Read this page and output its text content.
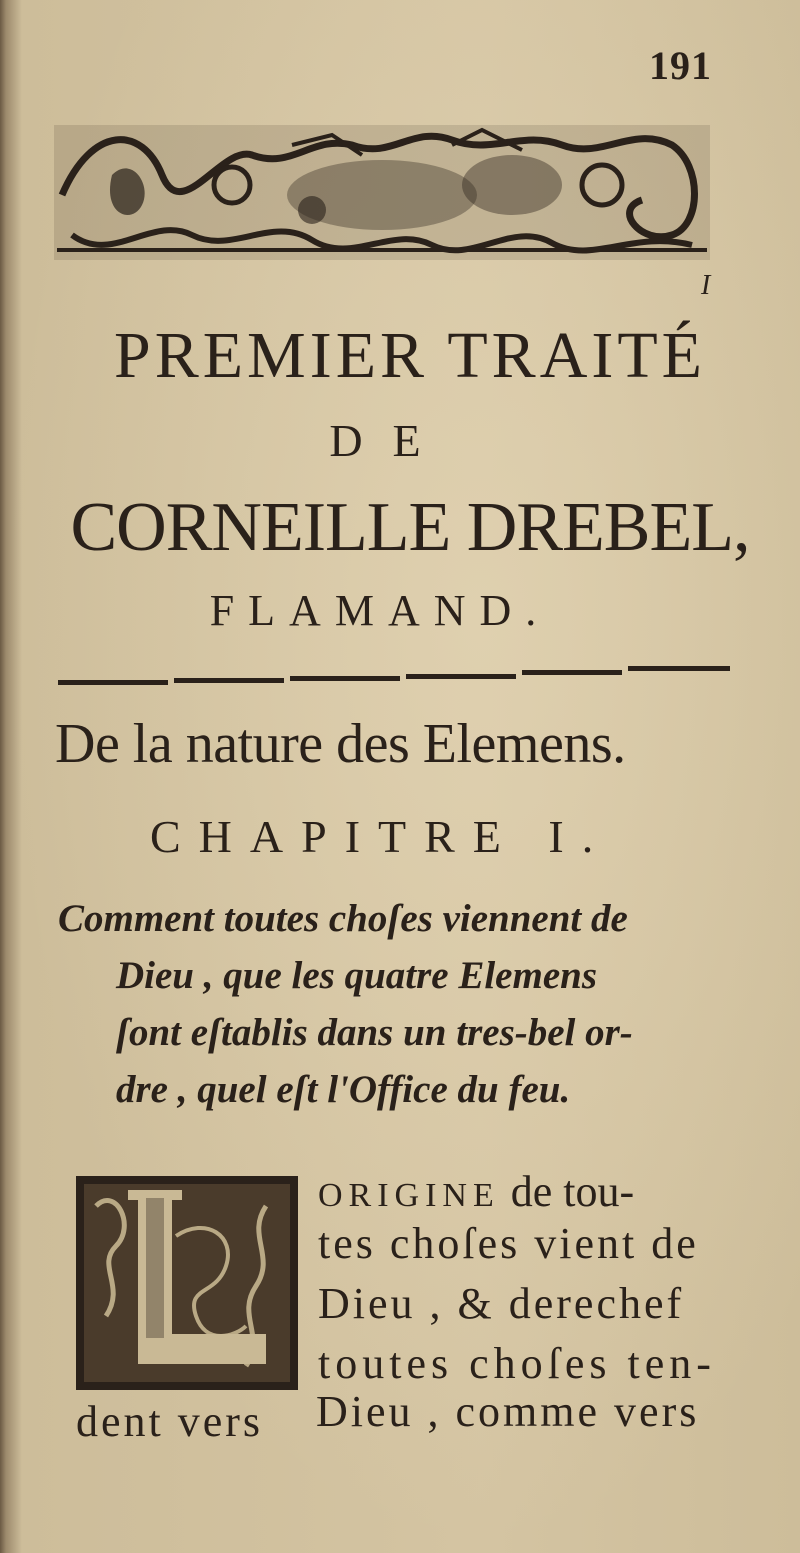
191
I
PREMIER TRAITÉ
DE
CORNEILLE DREBEL,
FLAMAND.
De la nature des Elemens.
CHAPITRE I.
Comment toutes choſes viennent de
Dieu , que les quatre Elemens
ſont eſtablis dans un tres-bel or-
dre , quel eſt l'Office du feu.
ORIGINE de tou-
tes choſes vient de
Dieu , & derechef
toutes choſes ten-
dent vers Dieu , comme vers
